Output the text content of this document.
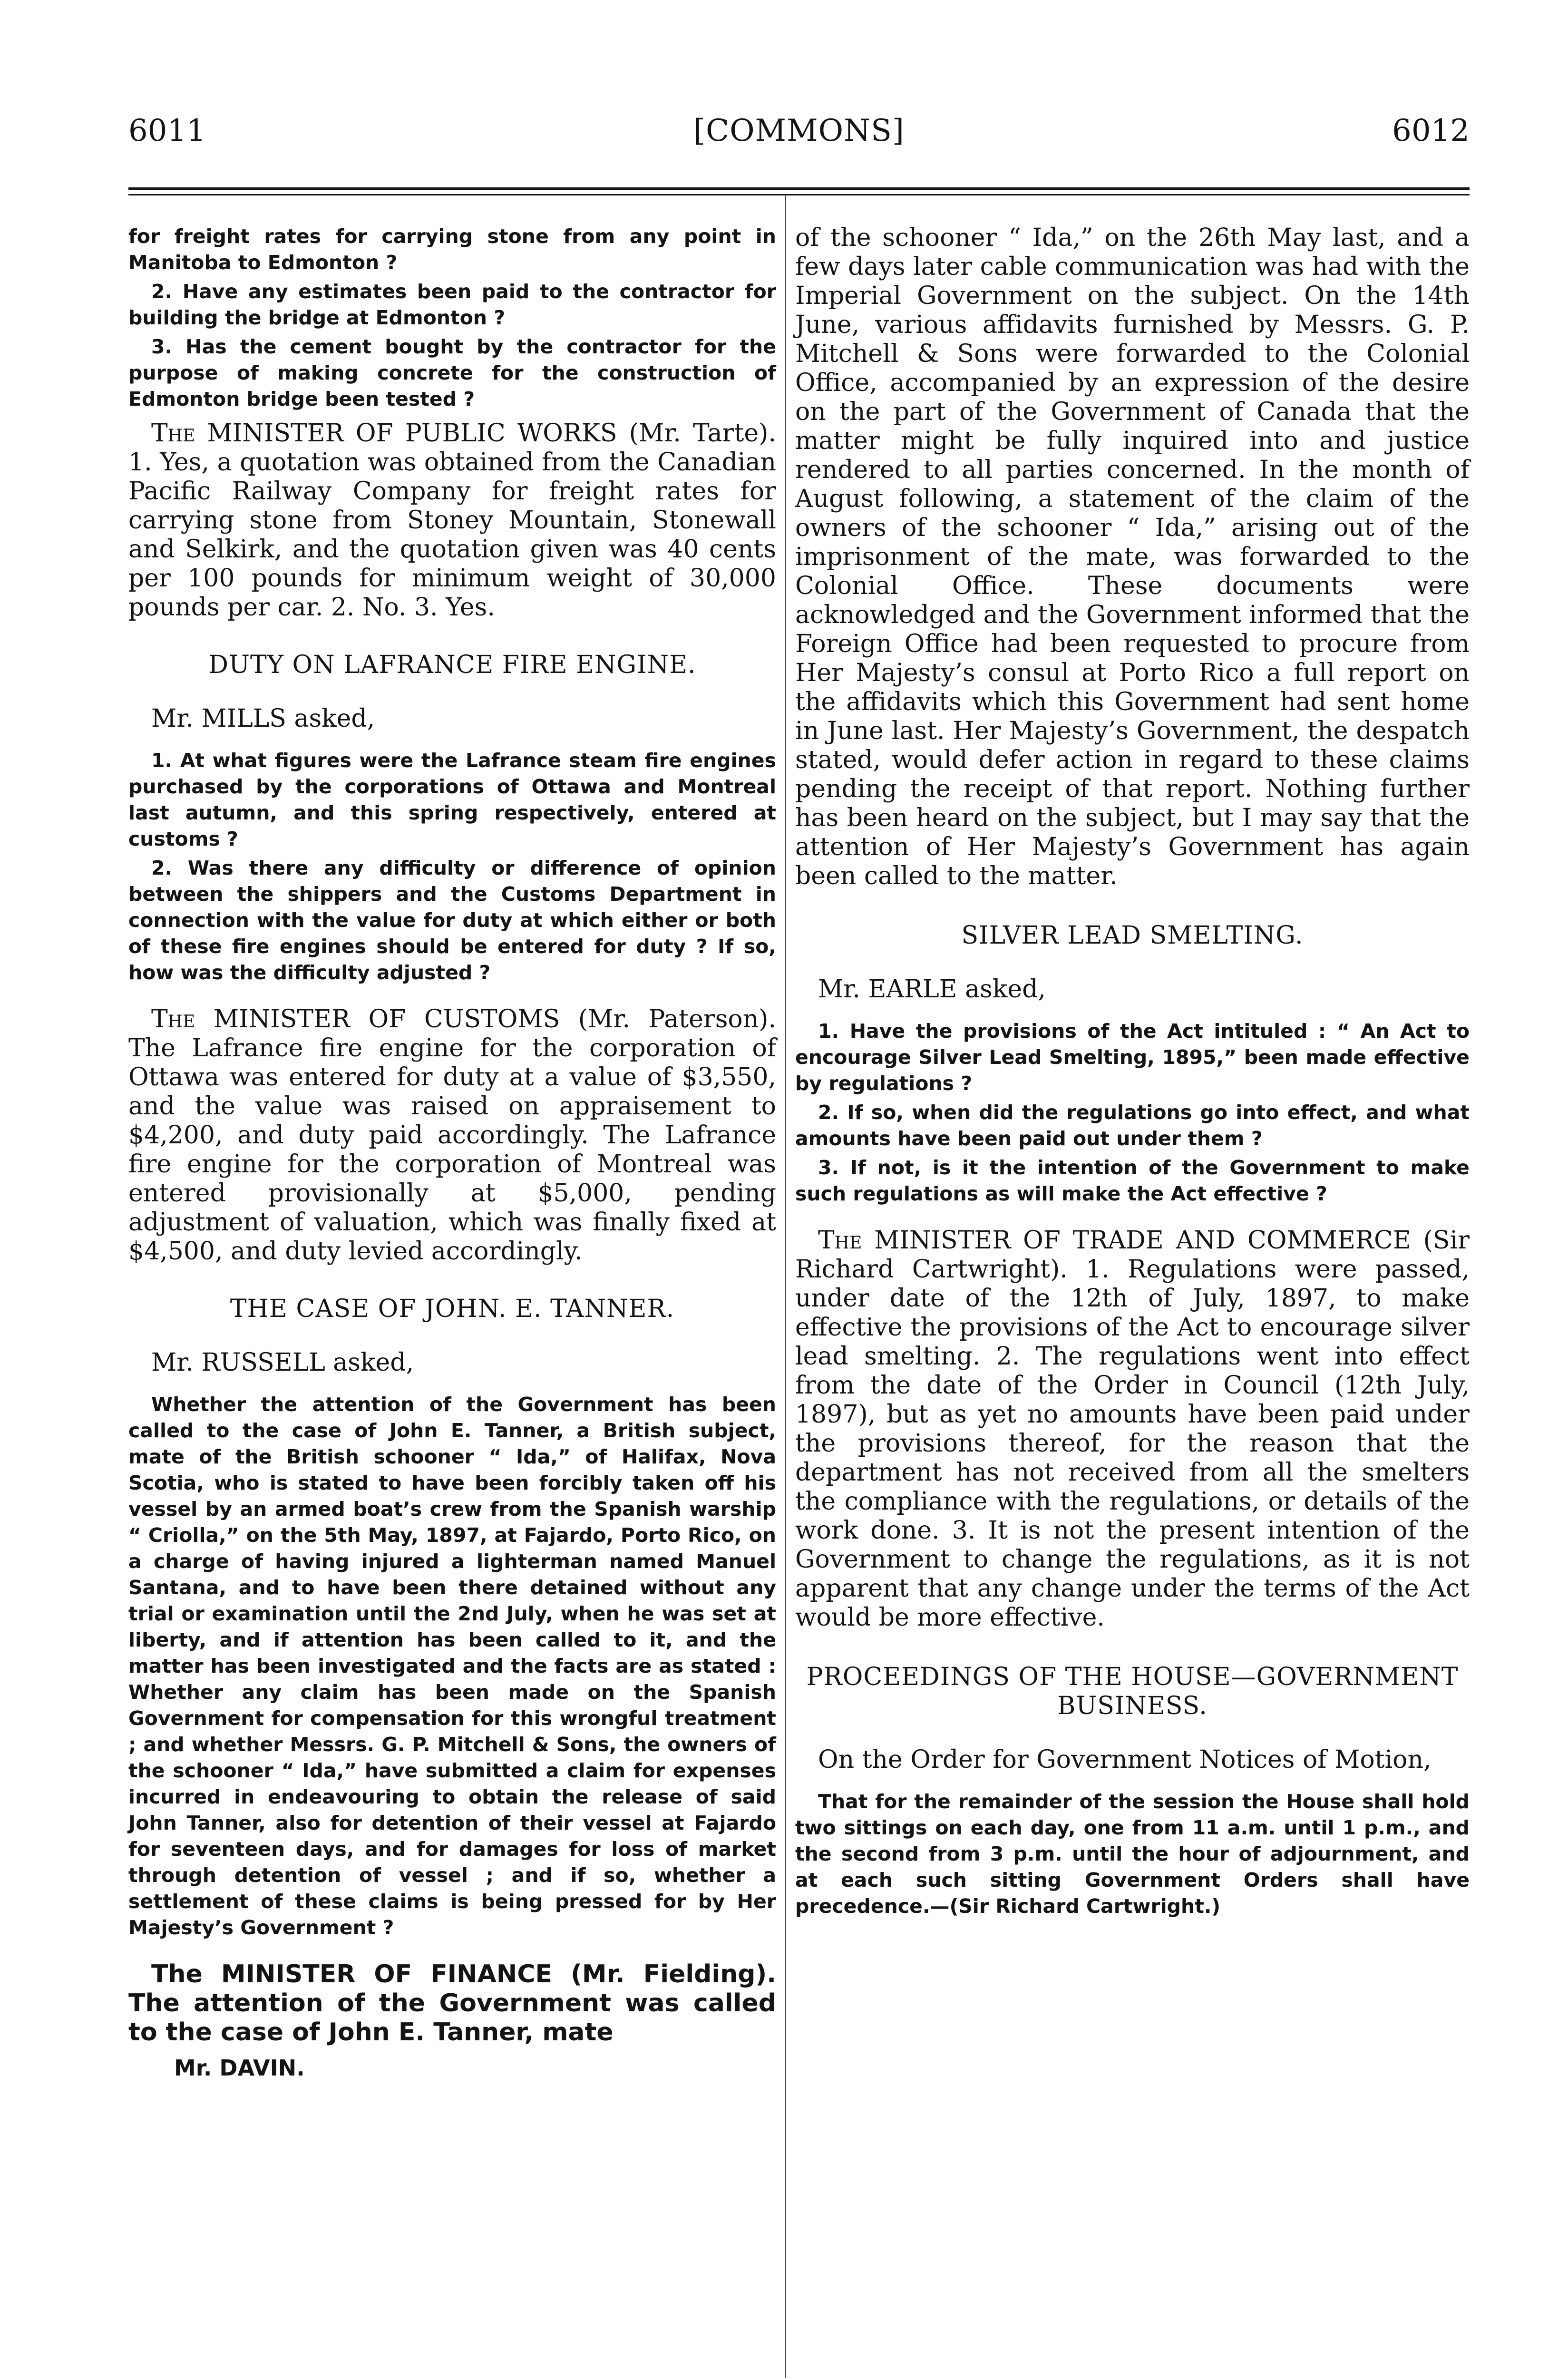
6011	[COMMONS]	6012

for freight rates for carrying stone from any point in Manitoba to Edmonton ?

2. Have any estimates been paid to the contractor for building the bridge at Edmonton ?

3. Has the cement bought by the contractor for the purpose of making concrete for the construction of Edmonton bridge been tested ?

The MINISTER OF PUBLIC WORKS (Mr. Tarte). 1. Yes, a quotation was obtained from the Canadian Pacific Railway Company for freight rates for carrying stone from Stoney Mountain, Stonewall and Selkirk, and the quotation given was 40 cents per 100 pounds for minimum weight of 30,000 pounds per car. 2. No. 3. Yes.

DUTY ON LAFRANCE FIRE ENGINE.

Mr. MILLS asked,

1. At what figures were the Lafrance steam fire engines purchased by the corporations of Ottawa and Montreal last autumn, and this spring respectively, entered at customs ?

2. Was there any difficulty or difference of opinion between the shippers and the Customs Department in connection with the value for duty at which either or both of these fire engines should be entered for duty ? If so, how was the difficulty adjusted ?

The MINISTER OF CUSTOMS (Mr. Paterson). The Lafrance fire engine for the corporation of Ottawa was entered for duty at a value of $3,550, and the value was raised on appraisement to $4,200, and duty paid accordingly. The Lafrance fire engine for the corporation of Montreal was entered provisionally at $5,000, pending adjustment of valuation, which was finally fixed at $4,500, and duty levied accordingly.

THE CASE OF JOHN. E. TANNER.

Mr. RUSSELL asked,

Whether the attention of the Government has been called to the case of John E. Tanner, a British subject, mate of the British schooner “ Ida,” of Halifax, Nova Scotia, who is stated to have been forcibly taken off his vessel by an armed boat’s crew from the Spanish warship “ Criolla,” on the 5th May, 1897, at Fajardo, Porto Rico, on a charge of having injured a lighterman named Manuel Santana, and to have been there detained without any trial or examination until the 2nd July, when he was set at liberty, and if attention has been called to it, and the matter has been investigated and the facts are as stated : Whether any claim has been made on the Spanish Government for compensation for this wrongful treatment ; and whether Messrs. G. P. Mitchell & Sons, the owners of the schooner “ Ida,” have submitted a claim for expenses incurred in endeavouring to obtain the release of said John Tanner, also for detention of their vessel at Fajardo for seventeen days, and for damages for loss of market through detention of vessel ; and if so, whether a settlement of these claims is being pressed for by Her Majesty’s Government ?

The MINISTER OF FINANCE (Mr. Fielding). The attention of the Government was called to the case of John E. Tanner, mate

Mr. DAVIN.

of the schooner “ Ida,” on the 26th May last, and a few days later cable communication was had with the Imperial Government on the subject. On the 14th June, various affidavits furnished by Messrs. G. P. Mitchell & Sons were forwarded to the Colonial Office, accompanied by an expression of the desire on the part of the Government of Canada that the matter might be fully inquired into and justice rendered to all parties concerned. In the month of August following, a statement of the claim of the owners of the schooner “ Ida,” arising out of the imprisonment of the mate, was forwarded to the Colonial Office. These documents were acknowledged and the Government informed that the Foreign Office had been requested to procure from Her Majesty’s consul at Porto Rico a full report on the affidavits which this Government had sent home in June last. Her Majesty’s Government, the despatch stated, would defer action in regard to these claims pending the receipt of that report. Nothing further has been heard on the subject, but I may say that the attention of Her Majesty’s Government has again been called to the matter.

SILVER LEAD SMELTING.

Mr. EARLE asked,

1. Have the provisions of the Act intituled : “ An Act to encourage Silver Lead Smelting, 1895,” been made effective by regulations ?

2. If so, when did the regulations go into effect, and what amounts have been paid out under them ?

3. If not, is it the intention of the Government to make such regulations as will make the Act effective ?

The MINISTER OF TRADE AND COMMERCE (Sir Richard Cartwright). 1. Regulations were passed, under date of the 12th of July, 1897, to make effective the provisions of the Act to encourage silver lead smelting. 2. The regulations went into effect from the date of the Order in Council (12th July, 1897), but as yet no amounts have been paid under the provisions thereof, for the reason that the department has not received from all the smelters the compliance with the regulations, or details of the work done. 3. It is not the present intention of the Government to change the regulations, as it is not apparent that any change under the terms of the Act would be more effective.

PROCEEDINGS OF THE HOUSE—GOVERNMENT BUSINESS.

On the Order for Government Notices of Motion,

That for the remainder of the session the House shall hold two sittings on each day, one from 11 a.m. until 1 p.m., and the second from 3 p.m. until the hour of adjournment, and at each such sitting Government Orders shall have precedence.—(Sir Richard Cartwright.)
